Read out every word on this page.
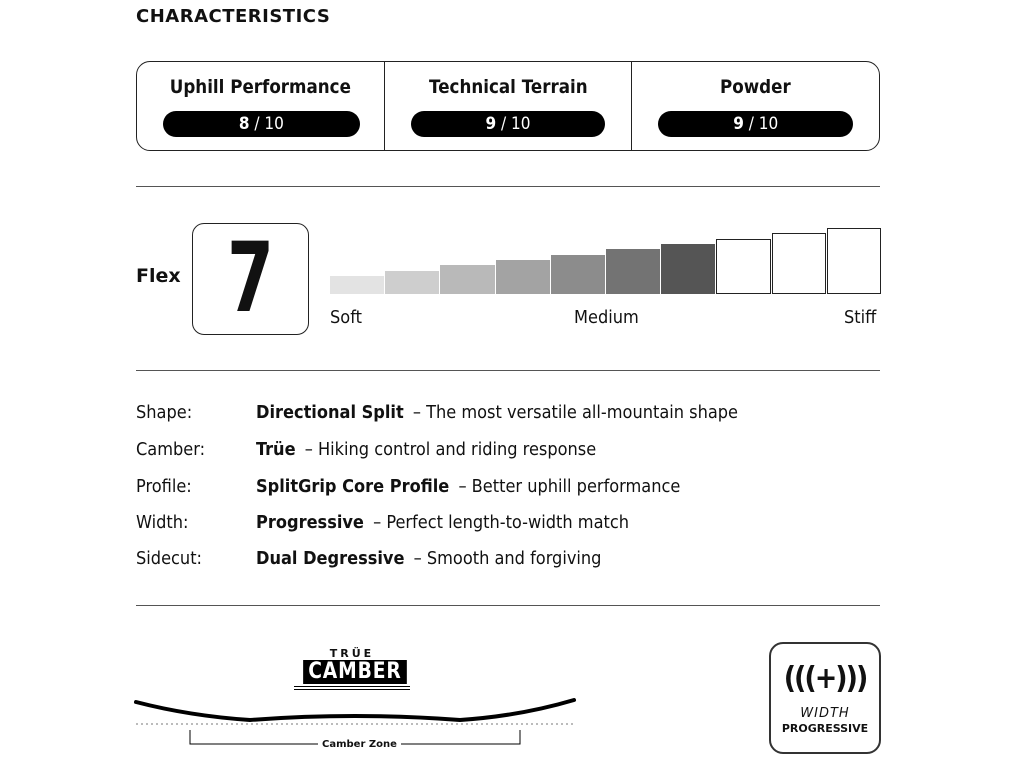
CHARACTERISTICS
Uphill Performance
8 / 10
Technical Terrain
9 / 10
Powder
9 / 10
Flex 7	Soft	Medium	Stiff
Shape:	Directional Split – The most versatile all-mountain shape
Camber:	Trüe – Hiking control and riding response
Profile:	SplitGrip Core Profile – Better uphill performance
Width:	Progressive – Perfect length-to-width match
Sidecut:	Dual Degressive – Smooth and forgiving
TRÜE
CAMBER
Camber Zone
(((+)))
WIDTH
PROGRESSIVE
